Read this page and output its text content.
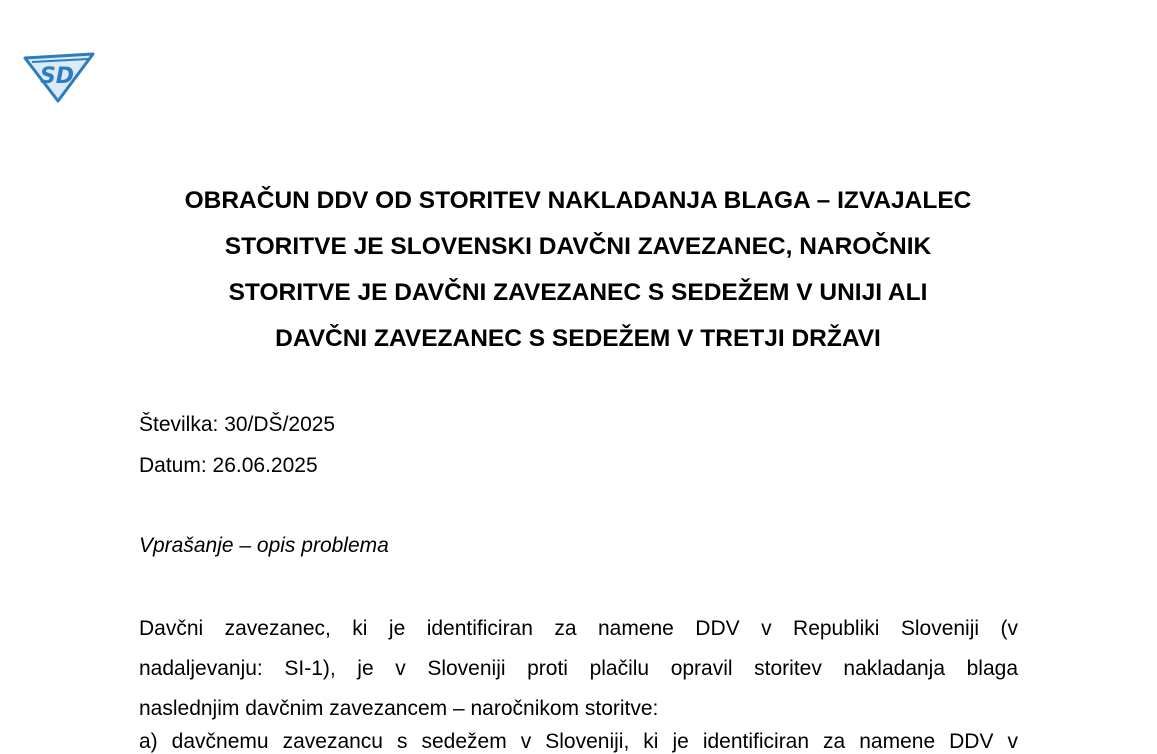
SD
OBRAČUN DDV OD STORITEV NAKLADANJA BLAGA – IZVAJALEC
STORITVE JE SLOVENSKI DAVČNI ZAVEZANEC, NAROČNIK
STORITVE JE DAVČNI ZAVEZANEC S SEDEŽEM V UNIJI ALI
DAVČNI ZAVEZANEC S SEDEŽEM V TRETJI DRŽAVI
Številka: 30/DŠ/2025
Datum: 26.06.2025
Vprašanje – opis problema
Davčni zavezanec, ki je identificiran za namene DDV v Republiki Sloveniji (v
nadaljevanju: SI-1), je v Sloveniji proti plačilu opravil storitev nakladanja blaga
naslednjim davčnim zavezancem – naročnikom storitve:
a) davčnemu zavezancu s sedežem v Sloveniji, ki je identificiran za namene DDV v
